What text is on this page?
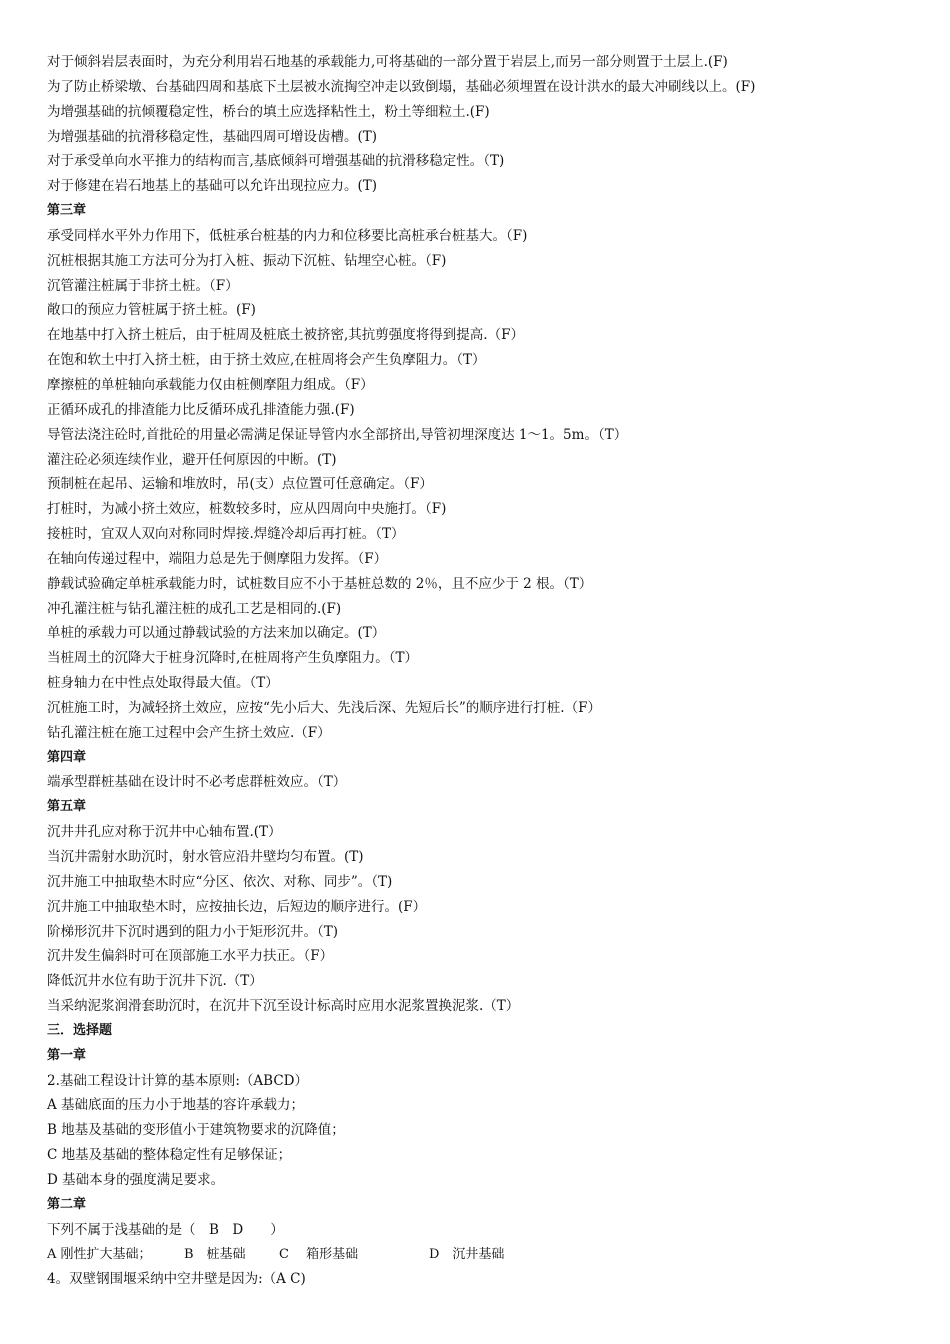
对于倾斜岩层表面时，为充分利用岩石地基的承载能力,可将基础的一部分置于岩层上,而另一部分则置于土层上.(F)
为了防止桥梁墩、台基础四周和基底下土层被水流掏空冲走以致倒塌，基础必须埋置在设计洪水的最大冲刷线以上。(F)
为增强基础的抗倾覆稳定性，桥台的填土应选择粘性土，粉土等细粒土.(F)
为增强基础的抗滑移稳定性，基础四周可增设齿槽。(T)
对于承受单向水平推力的结构而言,基底倾斜可增强基础的抗滑移稳定性。（T)
对于修建在岩石地基上的基础可以允许出现拉应力。(T)
第三章
承受同样水平外力作用下，低桩承台桩基的内力和位移要比高桩承台桩基大。（F)
沉桩根据其施工方法可分为打入桩、振动下沉桩、钻埋空心桩。（F)
沉管灌注桩属于非挤土桩。（F）
敞口的预应力管桩属于挤土桩。(F)
在地基中打入挤土桩后，由于桩周及桩底土被挤密,其抗剪强度将得到提高.（F）
在饱和软土中打入挤土桩，由于挤土效应,在桩周将会产生负摩阻力。（T）
摩擦桩的单桩轴向承载能力仅由桩侧摩阻力组成。（F）
正循环成孔的排渣能力比反循环成孔排渣能力强.(F)
导管法浇注砼时,首批砼的用量必需满足保证导管内水全部挤出,导管初埋深度达 1～1。5m。（T）
灌注砼必须连续作业，避开任何原因的中断。(T)
预制桩在起吊、运输和堆放时，吊(支）点位置可任意确定。（F）
打桩时，为减小挤土效应，桩数较多时，应从四周向中央施打。（F)
接桩时，宜双人双向对称同时焊接.焊缝冷却后再打桩。（T）
在轴向传递过程中，端阻力总是先于侧摩阻力发挥。（F）
静载试验确定单桩承载能力时，试桩数目应不小于基桩总数的 2％，且不应少于 2 根。（T）
冲孔灌注桩与钻孔灌注桩的成孔工艺是相同的.(F)
单桩的承载力可以通过静载试验的方法来加以确定。(T）
当桩周土的沉降大于桩身沉降时,在桩周将产生负摩阻力。（T）
桩身轴力在中性点处取得最大值。（T）
沉桩施工时，为减轻挤土效应，应按“先小后大、先浅后深、先短后长”的顺序进行打桩.（F）
钻孔灌注桩在施工过程中会产生挤土效应.（F）
第四章
端承型群桩基础在设计时不必考虑群桩效应。（T）
第五章
沉井井孔应对称于沉井中心轴布置.(T）
当沉井需射水助沉时，射水管应沿井壁均匀布置。(T)
沉井施工中抽取垫木时应“分区、依次、对称、同步”。（T)
沉井施工中抽取垫木时，应按抽长边，后短边的顺序进行。(F）
阶梯形沉井下沉时遇到的阻力小于矩形沉井。（T)
沉井发生偏斜时可在顶部施工水平力扶正。（F）
降低沉井水位有助于沉井下沉.（T）
当采纳泥浆润滑套助沉时，在沉井下沉至设计标高时应用水泥浆置换泥浆.（T）
三．选择题
第一章
2.基础工程设计计算的基本原则:（ABCD）
A 基础底面的压力小于地基的容许承载力；
B 地基及基础的变形值小于建筑物要求的沉降值；
C 地基及基础的整体稳定性有足够保证；
D 基础本身的强度满足要求。
第二章
下列不属于浅基础的是（　B　D　　）
A 刚性扩大基础；	B　桩基础	C　 箱形基础	D　沉井基础
4。双壁钢围堰采纳中空井壁是因为:（A C)
